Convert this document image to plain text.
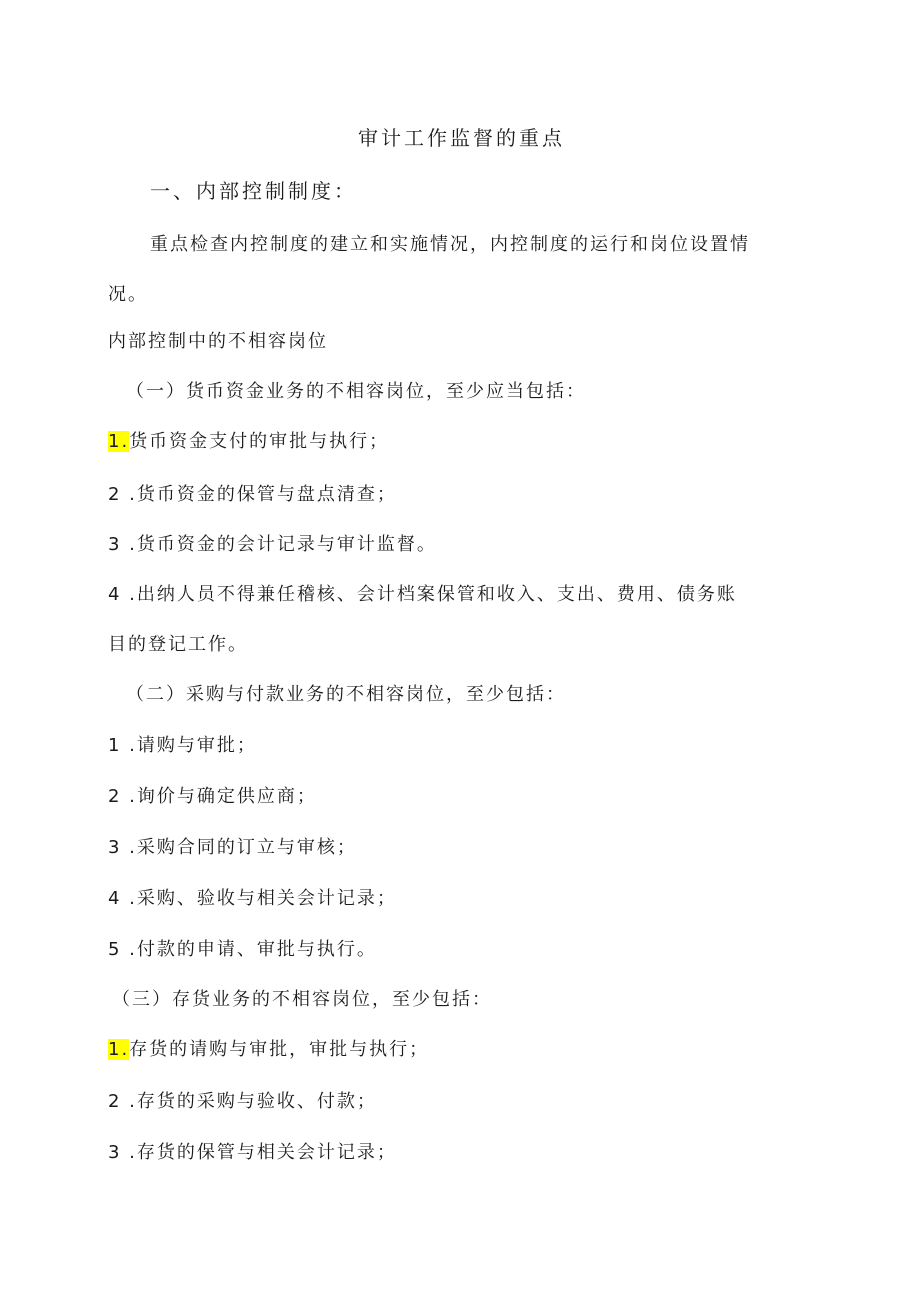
审计工作监督的重点
一、内部控制制度：
重点检查内控制度的建立和实施情况，内控制度的运行和岗位设置情
况。
内部控制中的不相容岗位
（一）货币资金业务的不相容岗位，至少应当包括：
1.货币资金支付的审批与执行；
2 .货币资金的保管与盘点清查；
3 .货币资金的会计记录与审计监督。
4 .出纳人员不得兼任稽核、会计档案保管和收入、支出、费用、债务账
目的登记工作。
（二）采购与付款业务的不相容岗位，至少包括：
1 .请购与审批；
2 .询价与确定供应商；
3 .采购合同的订立与审核；
4 .采购、验收与相关会计记录；
5 .付款的申请、审批与执行。
（三）存货业务的不相容岗位，至少包括：
1.存货的请购与审批，审批与执行；
2 .存货的采购与验收、付款；
3 .存货的保管与相关会计记录；
